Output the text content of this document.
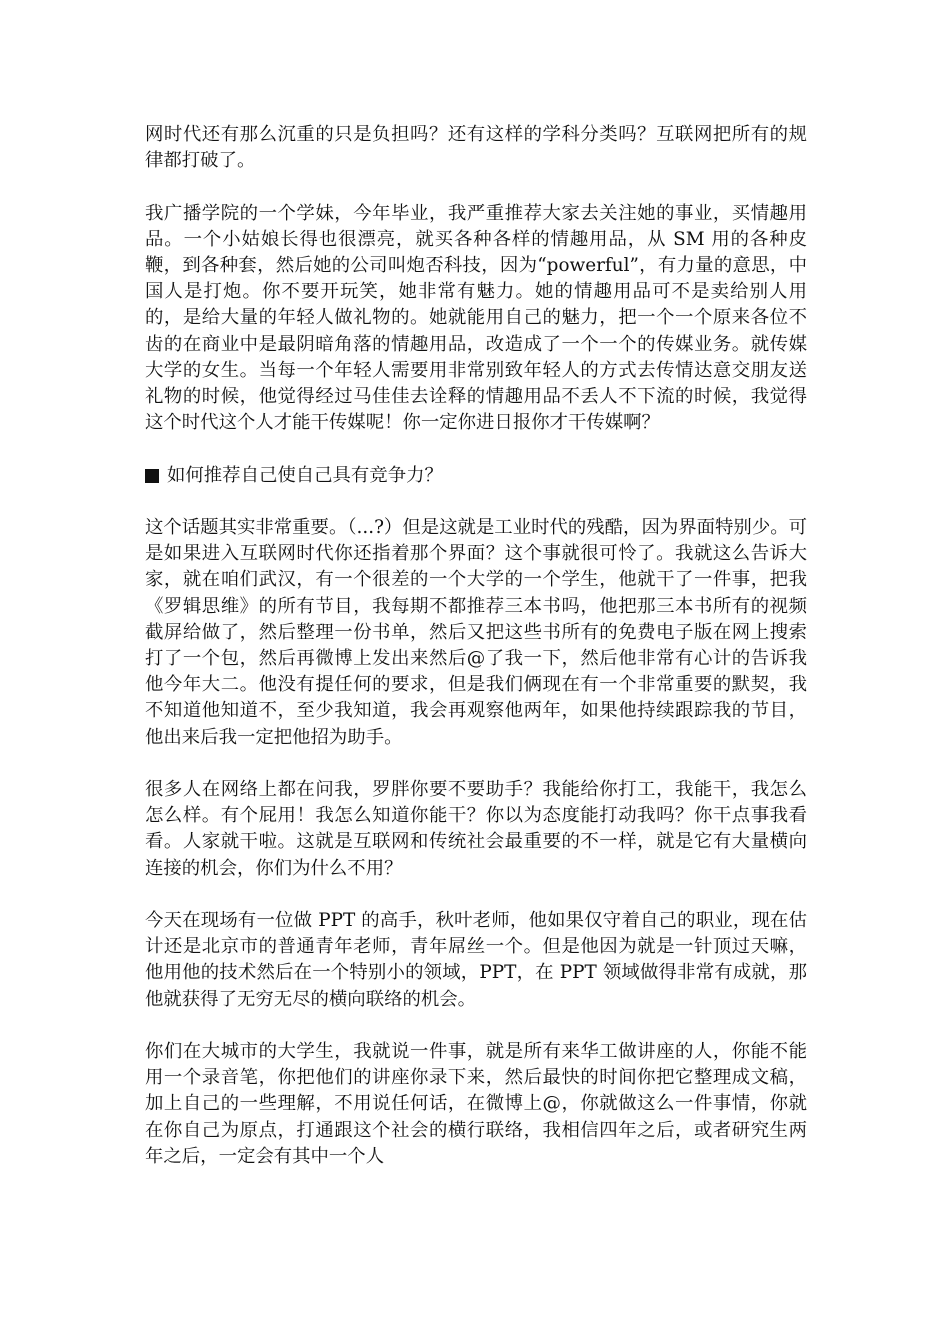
网时代还有那么沉重的只是负担吗？还有这样的学科分类吗？互联网把所有的规律都打破了。

我广播学院的一个学妹，今年毕业，我严重推荐大家去关注她的事业，买情趣用品。一个小姑娘长得也很漂亮，就买各种各样的情趣用品，从 SM 用的各种皮鞭，到各种套，然后她的公司叫炮否科技，因为“powerful”，有力量的意思，中国人是打炮。你不要开玩笑，她非常有魅力。她的情趣用品可不是卖给别人用的，是给大量的年轻人做礼物的。她就能用自己的魅力，把一个一个原来各位不齿的在商业中是最阴暗角落的情趣用品，改造成了一个一个的传媒业务。就传媒大学的女生。当每一个年轻人需要用非常别致年轻人的方式去传情达意交朋友送礼物的时候，他觉得经过马佳佳去诠释的情趣用品不丢人不下流的时候，我觉得这个时代这个人才能干传媒呢！你一定你进日报你才干传媒啊？

如何推荐自己使自己具有竞争力？

这个话题其实非常重要。（...?）但是这就是工业时代的残酷，因为界面特别少。可是如果进入互联网时代你还指着那个界面？这个事就很可怜了。我就这么告诉大家，就在咱们武汉，有一个很差的一个大学的一个学生，他就干了一件事，把我《罗辑思维》的所有节目，我每期不都推荐三本书吗，他把那三本书所有的视频截屏给做了，然后整理一份书单，然后又把这些书所有的免费电子版在网上搜索打了一个包，然后再微博上发出来然后@了我一下，然后他非常有心计的告诉我他今年大二。他没有提任何的要求，但是我们俩现在有一个非常重要的默契，我不知道他知道不，至少我知道，我会再观察他两年，如果他持续跟踪我的节目，他出来后我一定把他招为助手。

很多人在网络上都在问我，罗胖你要不要助手？我能给你打工，我能干，我怎么怎么样。有个屁用！我怎么知道你能干？你以为态度能打动我吗？你干点事我看看。人家就干啦。这就是互联网和传统社会最重要的不一样，就是它有大量横向连接的机会，你们为什么不用？

今天在现场有一位做 PPT 的高手，秋叶老师，他如果仅守着自己的职业，现在估计还是北京市的普通青年老师，青年屌丝一个。但是他因为就是一针顶过天嘛，他用他的技术然后在一个特别小的领域，PPT，在 PPT 领域做得非常有成就，那他就获得了无穷无尽的横向联络的机会。

你们在大城市的大学生，我就说一件事，就是所有来华工做讲座的人，你能不能用一个录音笔，你把他们的讲座你录下来，然后最快的时间你把它整理成文稿，加上自己的一些理解，不用说任何话，在微博上@，你就做这么一件事情，你就在你自己为原点，打通跟这个社会的横行联络，我相信四年之后，或者研究生两年之后，一定会有其中一个人
